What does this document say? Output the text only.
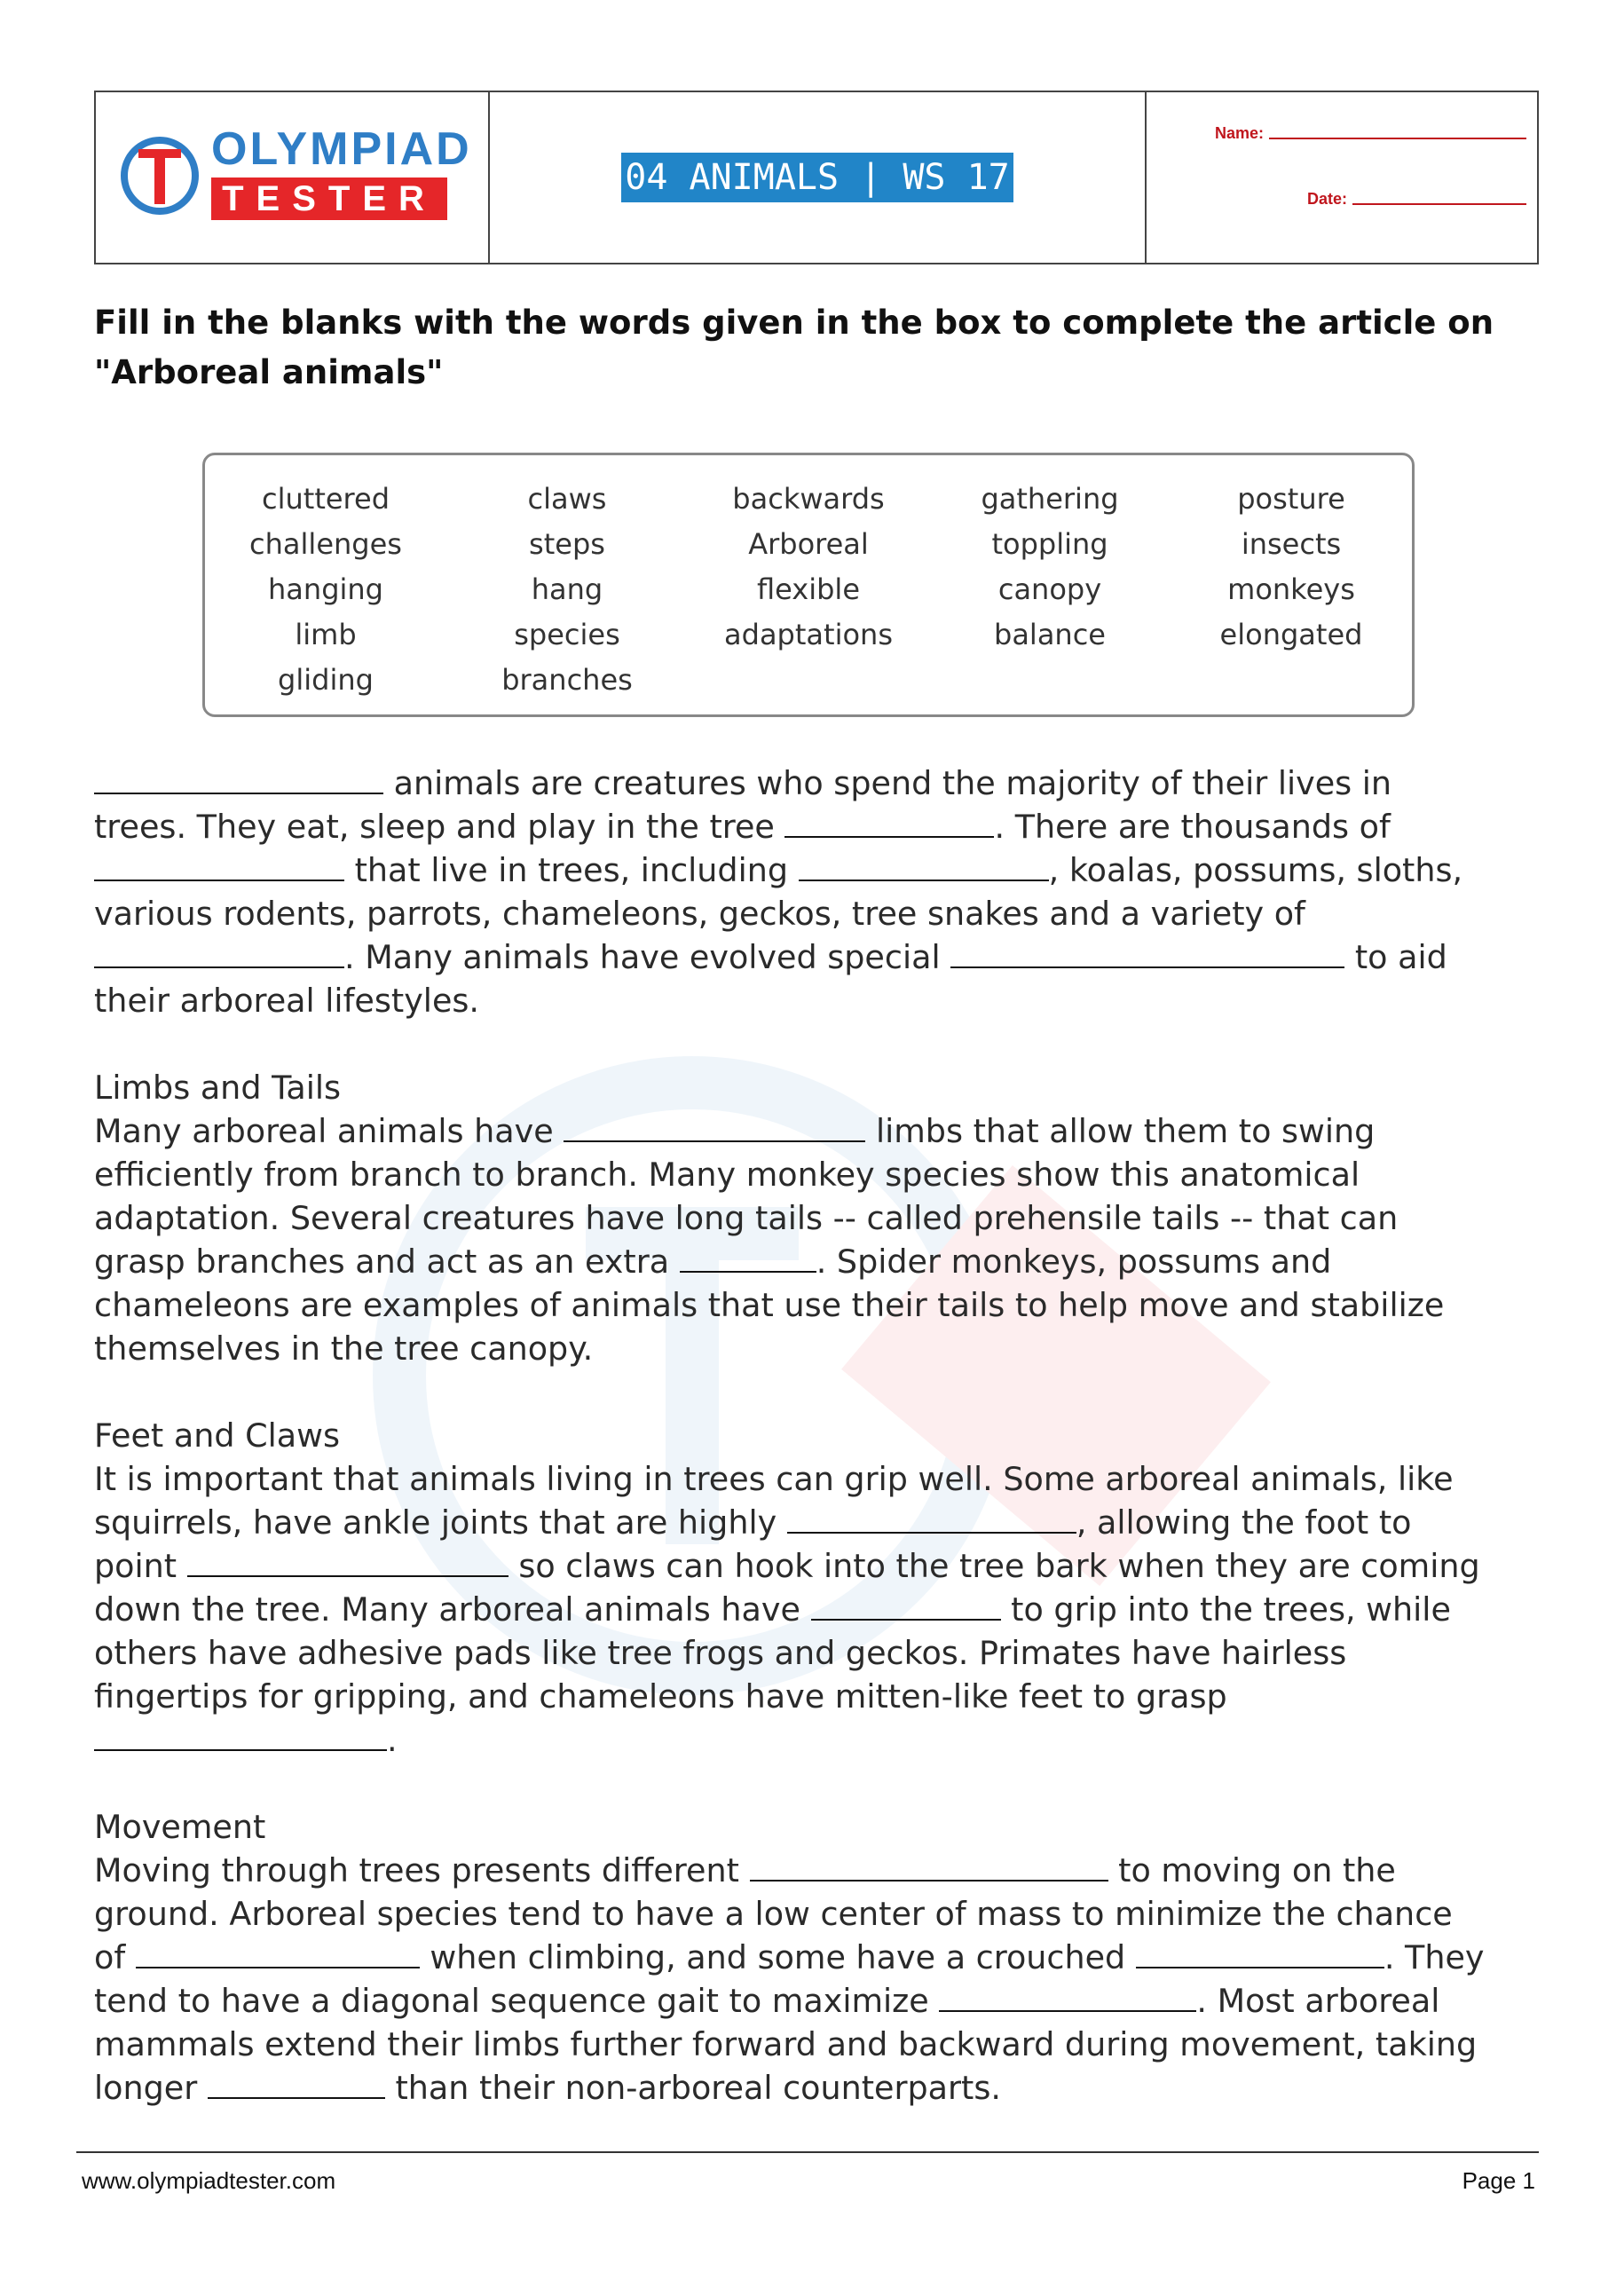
OLYMPIAD
TESTER
04 ANIMALS | WS 17
Name:
Date:
Fill in the blanks with the words given in the box to complete the article on "Arboreal animals"
cluttered	claws	backwards	gathering	posture
challenges	steps	Arboreal	toppling	insects
hanging	hang	flexible	canopy	monkeys
limb	species	adaptations	balance	elongated
gliding	branches
animals are creatures who spend the majority of their lives in
trees. They eat, sleep and play in the tree	. There are thousands of
that live in trees, including	, koalas, possums, sloths,
various rodents, parrots, chameleons, geckos, tree snakes and a variety of
. Many animals have evolved special	to aid
their arboreal lifestyles.
Limbs and Tails
Many arboreal animals have	limbs that allow them to swing
efficiently from branch to branch. Many monkey species show this anatomical
adaptation. Several creatures have long tails -- called prehensile tails -- that can
grasp branches and act as an extra	. Spider monkeys, possums and
chameleons are examples of animals that use their tails to help move and stabilize
themselves in the tree canopy.
Feet and Claws
It is important that animals living in trees can grip well. Some arboreal animals, like
squirrels, have ankle joints that are highly	, allowing the foot to
point	so claws can hook into the tree bark when they are coming
down the tree. Many arboreal animals have	to grip into the trees, while
others have adhesive pads like tree frogs and geckos. Primates have hairless
fingertips for gripping, and chameleons have mitten-like feet to grasp
.
Movement
Moving through trees presents different	to moving on the
ground. Arboreal species tend to have a low center of mass to minimize the chance
of	when climbing, and some have a crouched	. They
tend to have a diagonal sequence gait to maximize	. Most arboreal
mammals extend their limbs further forward and backward during movement, taking
longer	than their non-arboreal counterparts.
www.olympiadtester.com	Page 1
